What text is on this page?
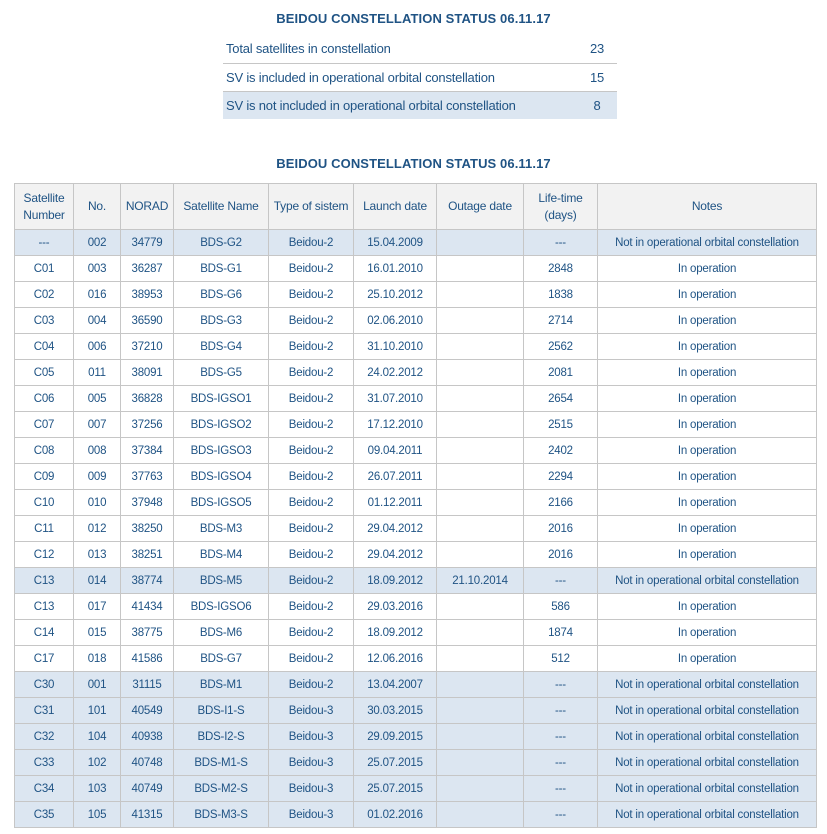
BEIDOU CONSTELLATION STATUS 06.11.17
Total satellites in constellation	23
SV is included in operational orbital constellation	15
SV is not included in operational orbital constellation	8
BEIDOU CONSTELLATION STATUS 06.11.17
Satellite Number	No.	NORAD	Satellite Name	Type of sistem	Launch date	Outage date	Life-time (days)	Notes
---	002	34779	BDS-G2	Beidou-2	15.04.2009		---	Not in operational orbital constellation
C01	003	36287	BDS-G1	Beidou-2	16.01.2010		2848	In operation
C02	016	38953	BDS-G6	Beidou-2	25.10.2012		1838	In operation
C03	004	36590	BDS-G3	Beidou-2	02.06.2010		2714	In operation
C04	006	37210	BDS-G4	Beidou-2	31.10.2010		2562	In operation
C05	011	38091	BDS-G5	Beidou-2	24.02.2012		2081	In operation
C06	005	36828	BDS-IGSO1	Beidou-2	31.07.2010		2654	In operation
C07	007	37256	BDS-IGSO2	Beidou-2	17.12.2010		2515	In operation
C08	008	37384	BDS-IGSO3	Beidou-2	09.04.2011		2402	In operation
C09	009	37763	BDS-IGSO4	Beidou-2	26.07.2011		2294	In operation
C10	010	37948	BDS-IGSO5	Beidou-2	01.12.2011		2166	In operation
C11	012	38250	BDS-M3	Beidou-2	29.04.2012		2016	In operation
C12	013	38251	BDS-M4	Beidou-2	29.04.2012		2016	In operation
C13	014	38774	BDS-M5	Beidou-2	18.09.2012	21.10.2014	---	Not in operational orbital constellation
C13	017	41434	BDS-IGSO6	Beidou-2	29.03.2016		586	In operation
C14	015	38775	BDS-M6	Beidou-2	18.09.2012		1874	In operation
C17	018	41586	BDS-G7	Beidou-2	12.06.2016		512	In operation
C30	001	31115	BDS-M1	Beidou-2	13.04.2007		---	Not in operational orbital constellation
C31	101	40549	BDS-I1-S	Beidou-3	30.03.2015		---	Not in operational orbital constellation
C32	104	40938	BDS-I2-S	Beidou-3	29.09.2015		---	Not in operational orbital constellation
C33	102	40748	BDS-M1-S	Beidou-3	25.07.2015		---	Not in operational orbital constellation
C34	103	40749	BDS-M2-S	Beidou-3	25.07.2015		---	Not in operational orbital constellation
C35	105	41315	BDS-M3-S	Beidou-3	01.02.2016		---	Not in operational orbital constellation
